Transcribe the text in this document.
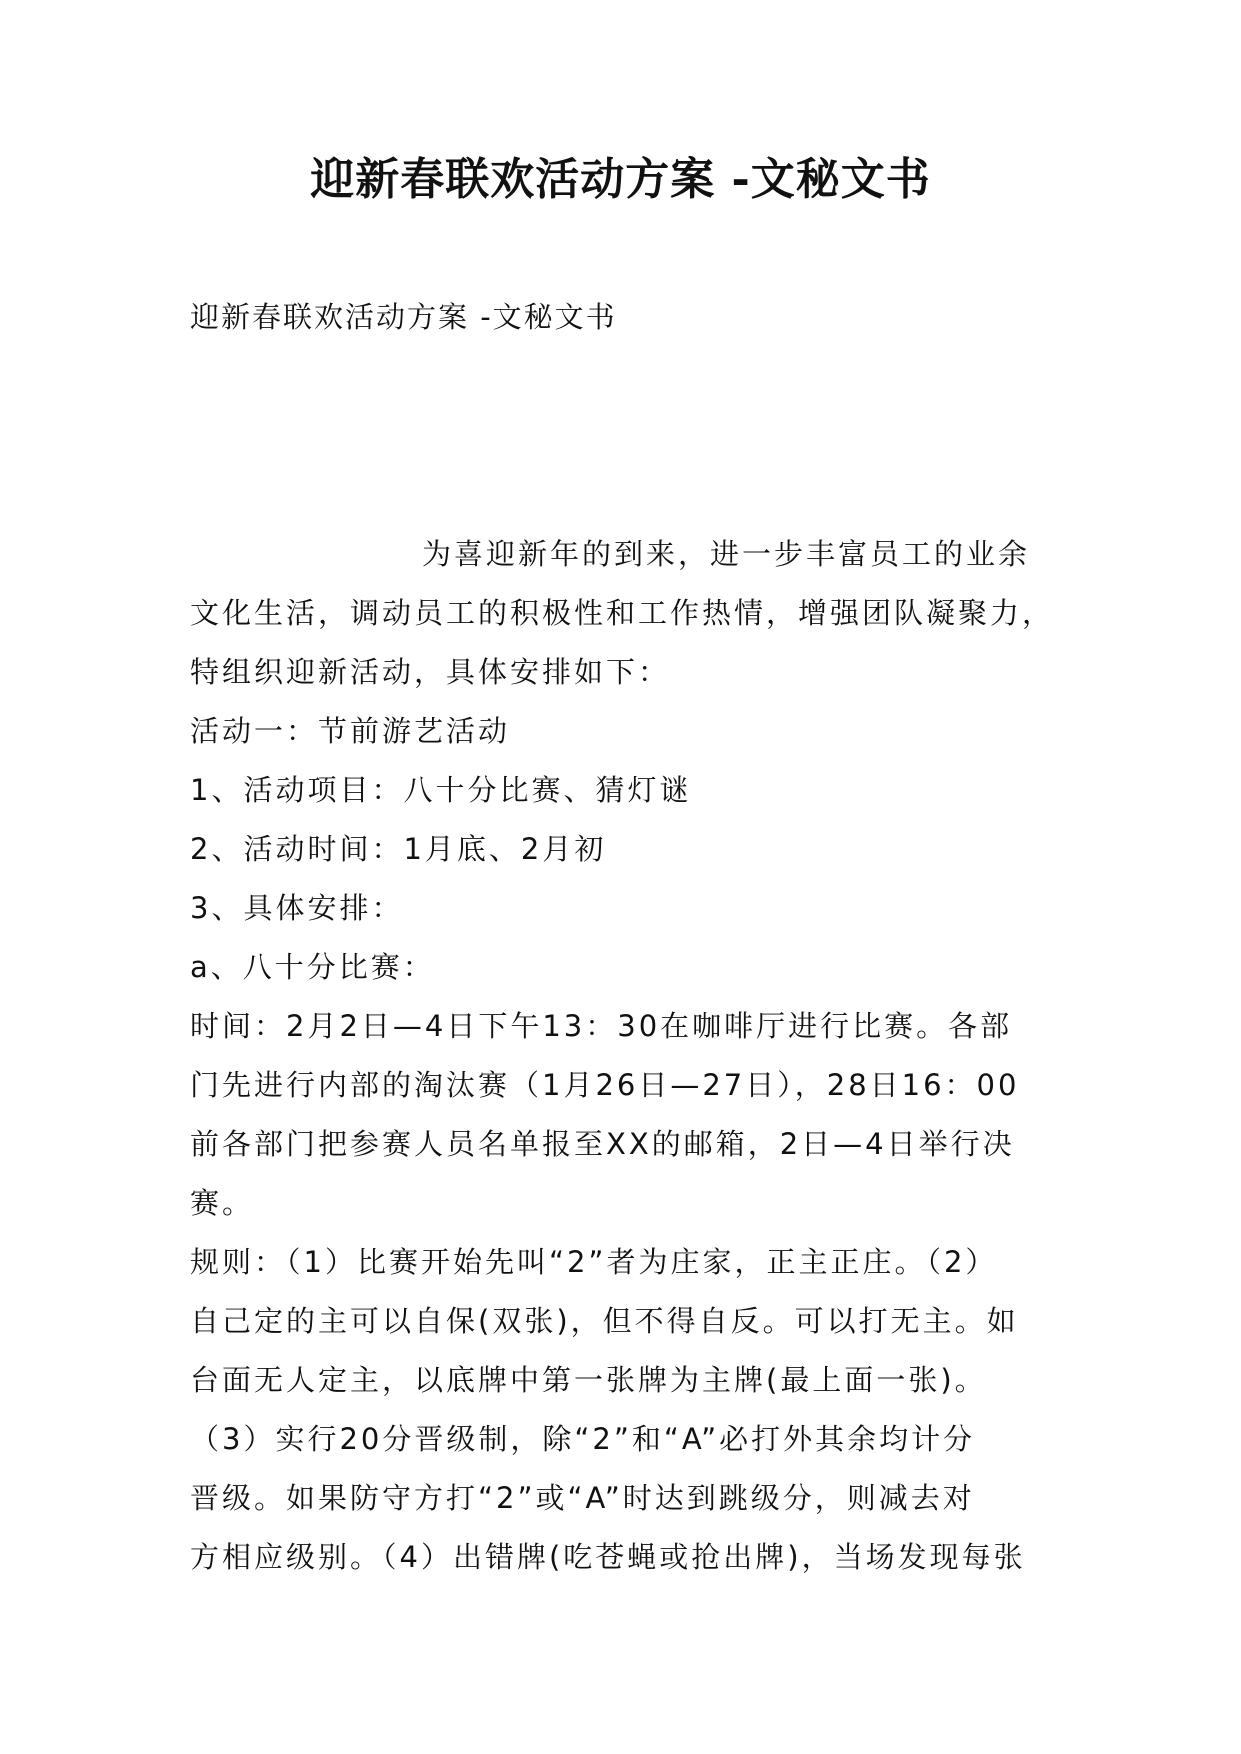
迎新春联欢活动方案 -文秘文书

迎新春联欢活动方案 -文秘文书

为喜迎新年的到来，进一步丰富员工的业余

文化生活，调动员工的积极性和工作热情，增强团队凝聚力，

特组织迎新活动，具体安排如下：

活动一：节前游艺活动

1、活动项目：八十分比赛、猜灯谜

2、活动时间：1月底、2月初

3、具体安排：

a、八十分比赛：

时间：2月2日—4日下午13：30在咖啡厅进行比赛。各部

门先进行内部的淘汰赛（1月26日—27日），28日16：00

前各部门把参赛人员名单报至XX的邮箱，2日—4日举行决

赛。

规则：（1）比赛开始先叫“2”者为庄家，正主正庄。（2）

自己定的主可以自保(双张)，但不得自反。可以打无主。如

台面无人定主，以底牌中第一张牌为主牌(最上面一张)。

（3）实行20分晋级制，除“2”和“A”必打外其余均计分

晋级。如果防守方打“2”或“A”时达到跳级分，则减去对

方相应级别。（4）出错牌(吃苍蝇或抢出牌)，当场发现每张
